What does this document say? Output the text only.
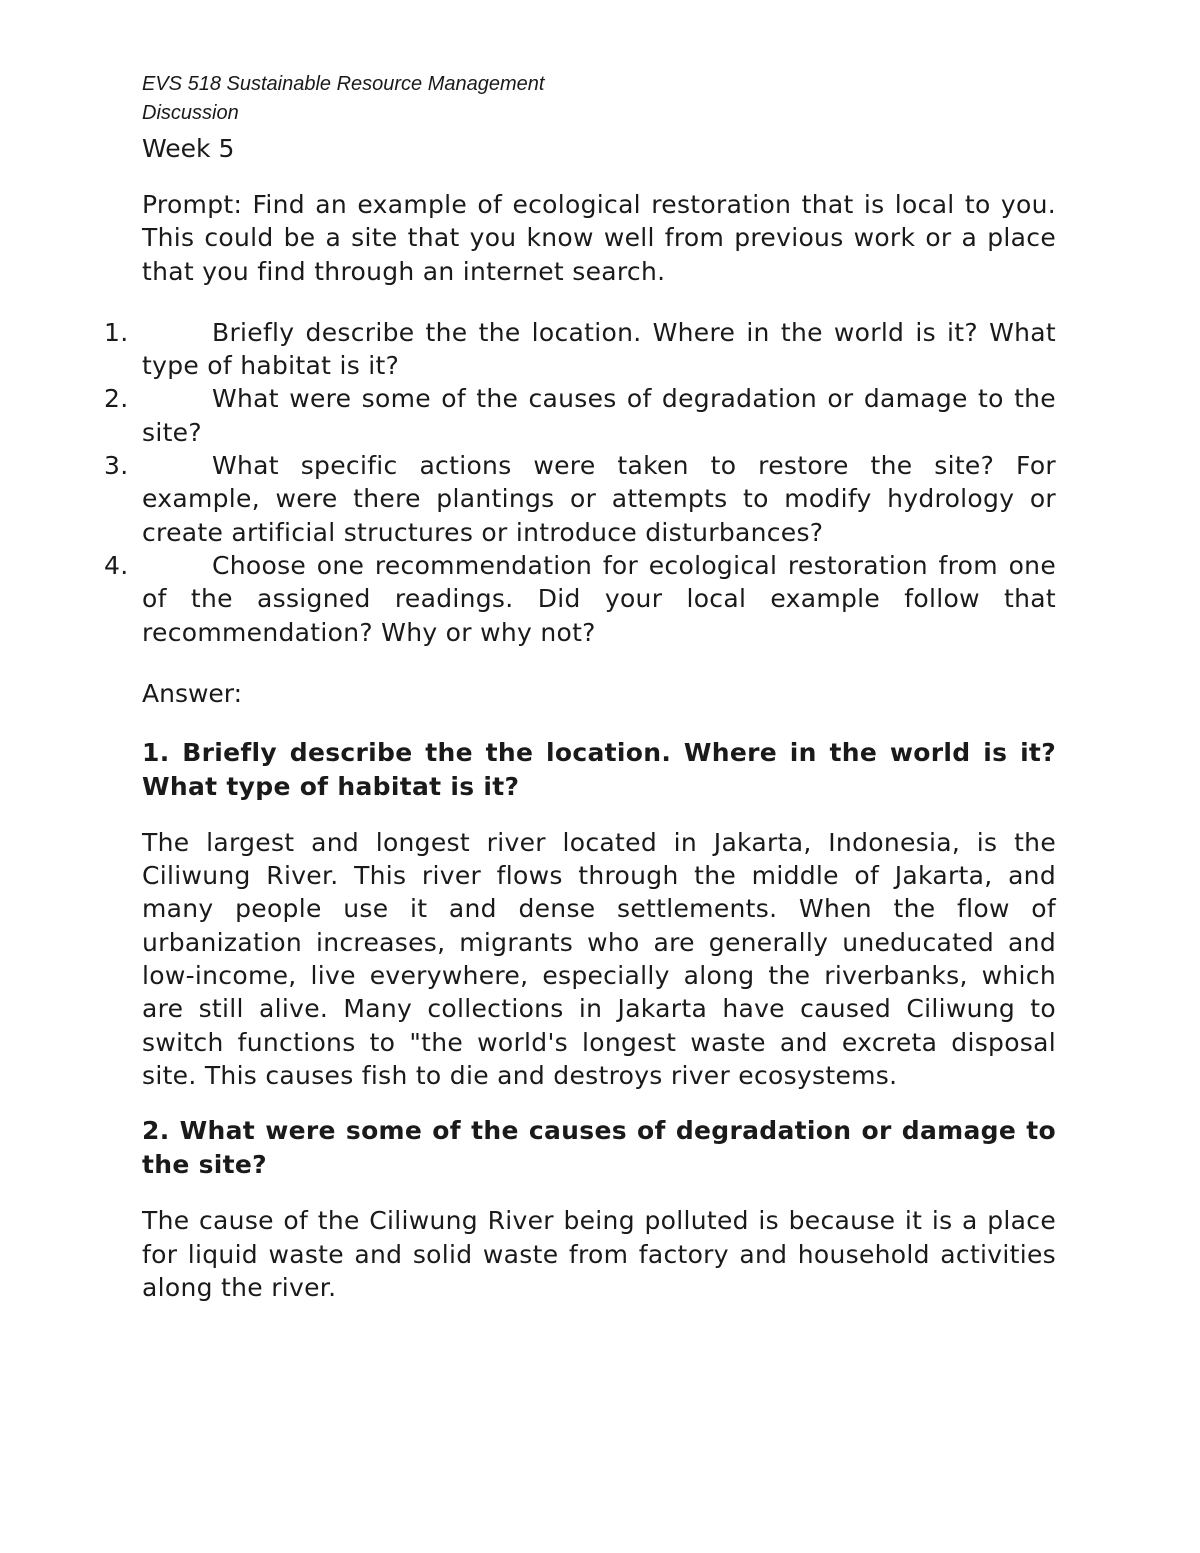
EVS 518 Sustainable Resource Management
Discussion
Week 5

Prompt: Find an example of ecological restoration that is local to you. This could be a site that you know well from previous work or a place that you find through an internet search.

1.	Briefly describe the the location. Where in the world is it? What type of habitat is it?
2.	What were some of the causes of degradation or damage to the site?
3.	What specific actions were taken to restore the site? For example, were there plantings or attempts to modify hydrology or create artificial structures or introduce disturbances?
4.	Choose one recommendation for ecological restoration from one of the assigned readings. Did your local example follow that recommendation? Why or why not?
Answer:

1. Briefly describe the the location. Where in the world is it? What type of habitat is it?

The largest and longest river located in Jakarta, Indonesia, is the Ciliwung River. This river flows through the middle of Jakarta, and many people use it and dense settlements. When the flow of urbanization increases, migrants who are generally uneducated and low-income, live everywhere, especially along the riverbanks, which are still alive. Many collections in Jakarta have caused Ciliwung to switch functions to "the world's longest waste and excreta disposal site. This causes fish to die and destroys river ecosystems.

2. What were some of the causes of degradation or damage to the site?

The cause of the Ciliwung River being polluted is because it is a place for liquid waste and solid waste from factory and household activities along the river.
